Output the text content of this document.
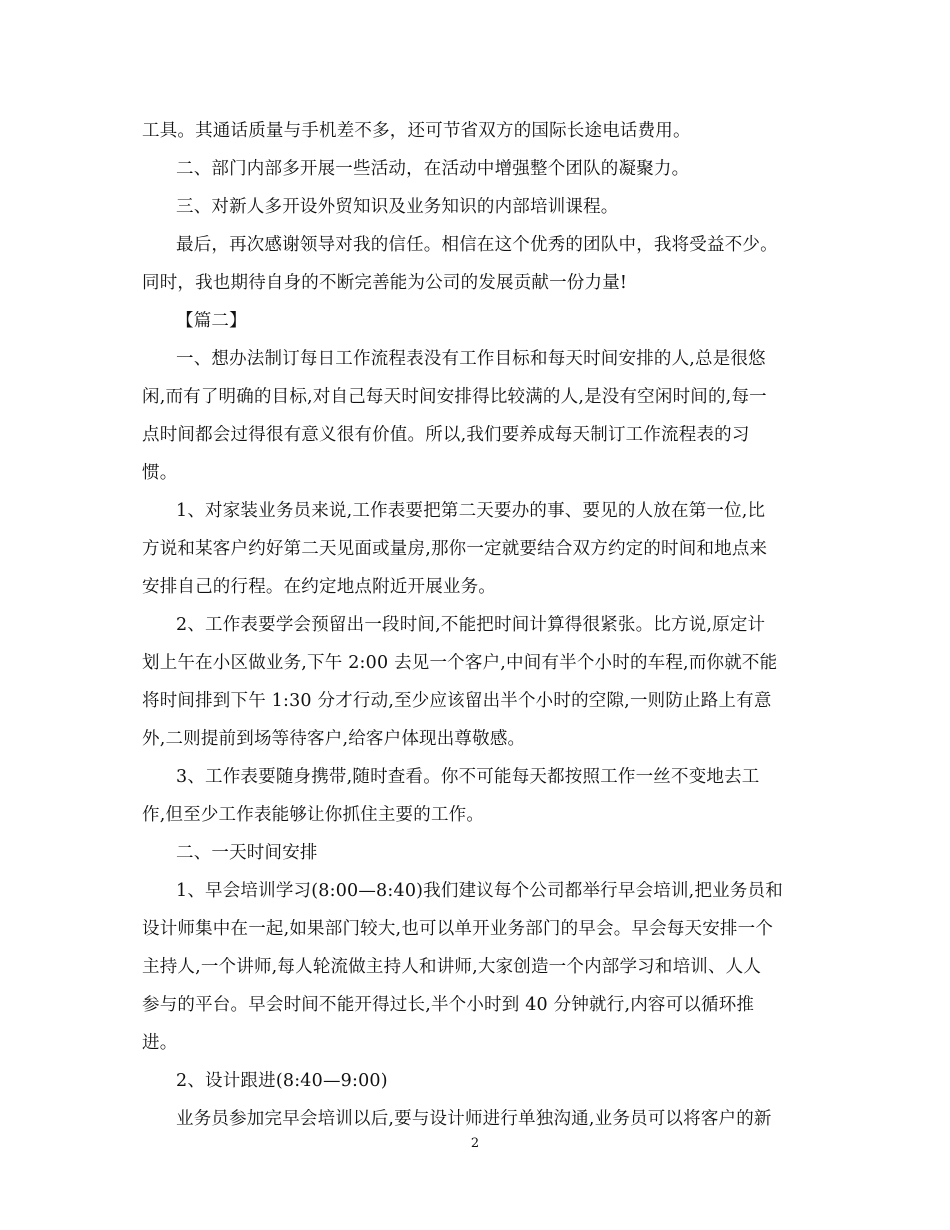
工具。其通话质量与手机差不多，还可节省双方的国际长途电话费用。
二、部门内部多开展一些活动，在活动中增强整个团队的凝聚力。
三、对新人多开设外贸知识及业务知识的内部培训课程。
最后，再次感谢领导对我的信任。相信在这个优秀的团队中，我将受益不少。
同时，我也期待自身的不断完善能为公司的发展贡献一份力量!
【篇二】
一、想办法制订每日工作流程表没有工作目标和每天时间安排的人,总是很悠
闲,而有了明确的目标,对自己每天时间安排得比较满的人,是没有空闲时间的,每一
点时间都会过得很有意义很有价值。所以,我们要养成每天制订工作流程表的习
惯。
1、对家装业务员来说,工作表要把第二天要办的事、要见的人放在第一位,比
方说和某客户约好第二天见面或量房,那你一定就要结合双方约定的时间和地点来
安排自己的行程。在约定地点附近开展业务。
2、工作表要学会预留出一段时间,不能把时间计算得很紧张。比方说,原定计
划上午在小区做业务,下午 2:00 去见一个客户,中间有半个小时的车程,而你就不能
将时间排到下午 1:30 分才行动,至少应该留出半个小时的空隙,一则防止路上有意
外,二则提前到场等待客户,给客户体现出尊敬感。
3、工作表要随身携带,随时查看。你不可能每天都按照工作一丝不变地去工
作,但至少工作表能够让你抓住主要的工作。
二、一天时间安排
1、早会培训学习(8:00—8:40)我们建议每个公司都举行早会培训,把业务员和
设计师集中在一起,如果部门较大,也可以单开业务部门的早会。早会每天安排一个
主持人,一个讲师,每人轮流做主持人和讲师,大家创造一个内部学习和培训、人人
参与的平台。早会时间不能开得过长,半个小时到 40 分钟就行,内容可以循环推
进。
2、设计跟进(8:40—9:00)
业务员参加完早会培训以后,要与设计师进行单独沟通,业务员可以将客户的新
2
